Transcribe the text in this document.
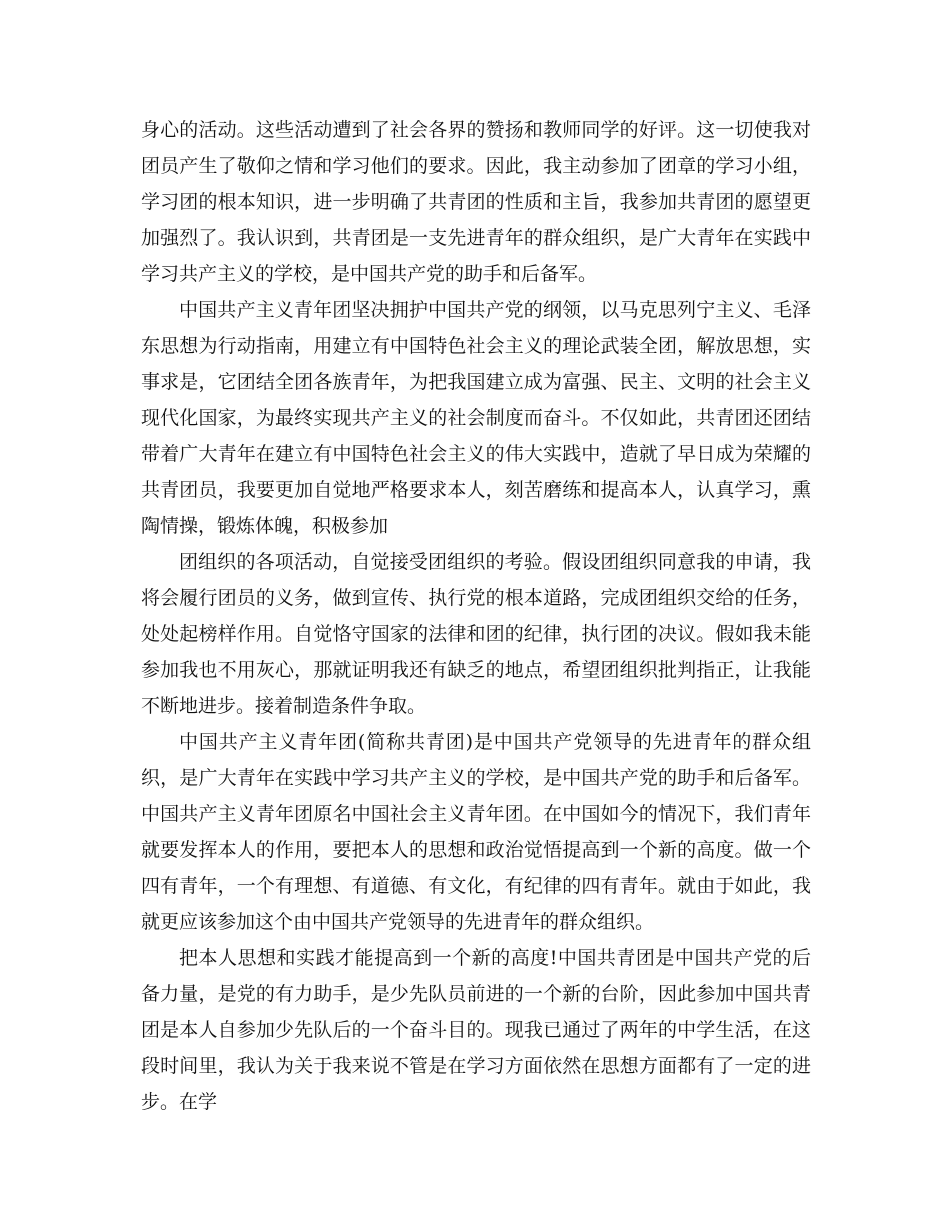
身心的活动。这些活动遭到了社会各界的赞扬和教师同学的好评。这一切使我对团员产生了敬仰之情和学习他们的要求。因此，我主动参加了团章的学习小组，学习团的根本知识，进一步明确了共青团的性质和主旨，我参加共青团的愿望更加强烈了。我认识到，共青团是一支先进青年的群众组织，是广大青年在实践中学习共产主义的学校，是中国共产党的助手和后备军。

中国共产主义青年团坚决拥护中国共产党的纲领，以马克思列宁主义、毛泽东思想为行动指南，用建立有中国特色社会主义的理论武装全团，解放思想，实事求是，它团结全团各族青年，为把我国建立成为富强、民主、文明的社会主义现代化国家，为最终实现共产主义的社会制度而奋斗。不仅如此，共青团还团结带着广大青年在建立有中国特色社会主义的伟大实践中，造就了早日成为荣耀的共青团员，我要更加自觉地严格要求本人，刻苦磨练和提高本人，认真学习，熏陶情操，锻炼体魄，积极参加

团组织的各项活动，自觉接受团组织的考验。假设团组织同意我的申请，我将会履行团员的义务，做到宣传、执行党的根本道路，完成团组织交给的任务，处处起榜样作用。自觉恪守国家的法律和团的纪律，执行团的决议。假如我未能参加我也不用灰心，那就证明我还有缺乏的地点，希望团组织批判指正，让我能不断地进步。接着制造条件争取。

中国共产主义青年团(简称共青团)是中国共产党领导的先进青年的群众组织，是广大青年在实践中学习共产主义的学校，是中国共产党的助手和后备军。中国共产主义青年团原名中国社会主义青年团。在中国如今的情况下，我们青年就要发挥本人的作用，要把本人的思想和政治觉悟提高到一个新的高度。做一个四有青年，一个有理想、有道德、有文化，有纪律的四有青年。就由于如此，我就更应该参加这个由中国共产党领导的先进青年的群众组织。

把本人思想和实践才能提高到一个新的高度!中国共青团是中国共产党的后备力量，是党的有力助手，是少先队员前进的一个新的台阶，因此参加中国共青团是本人自参加少先队后的一个奋斗目的。现我已通过了两年的中学生活，在这段时间里，我认为关于我来说不管是在学习方面依然在思想方面都有了一定的进步。在学
